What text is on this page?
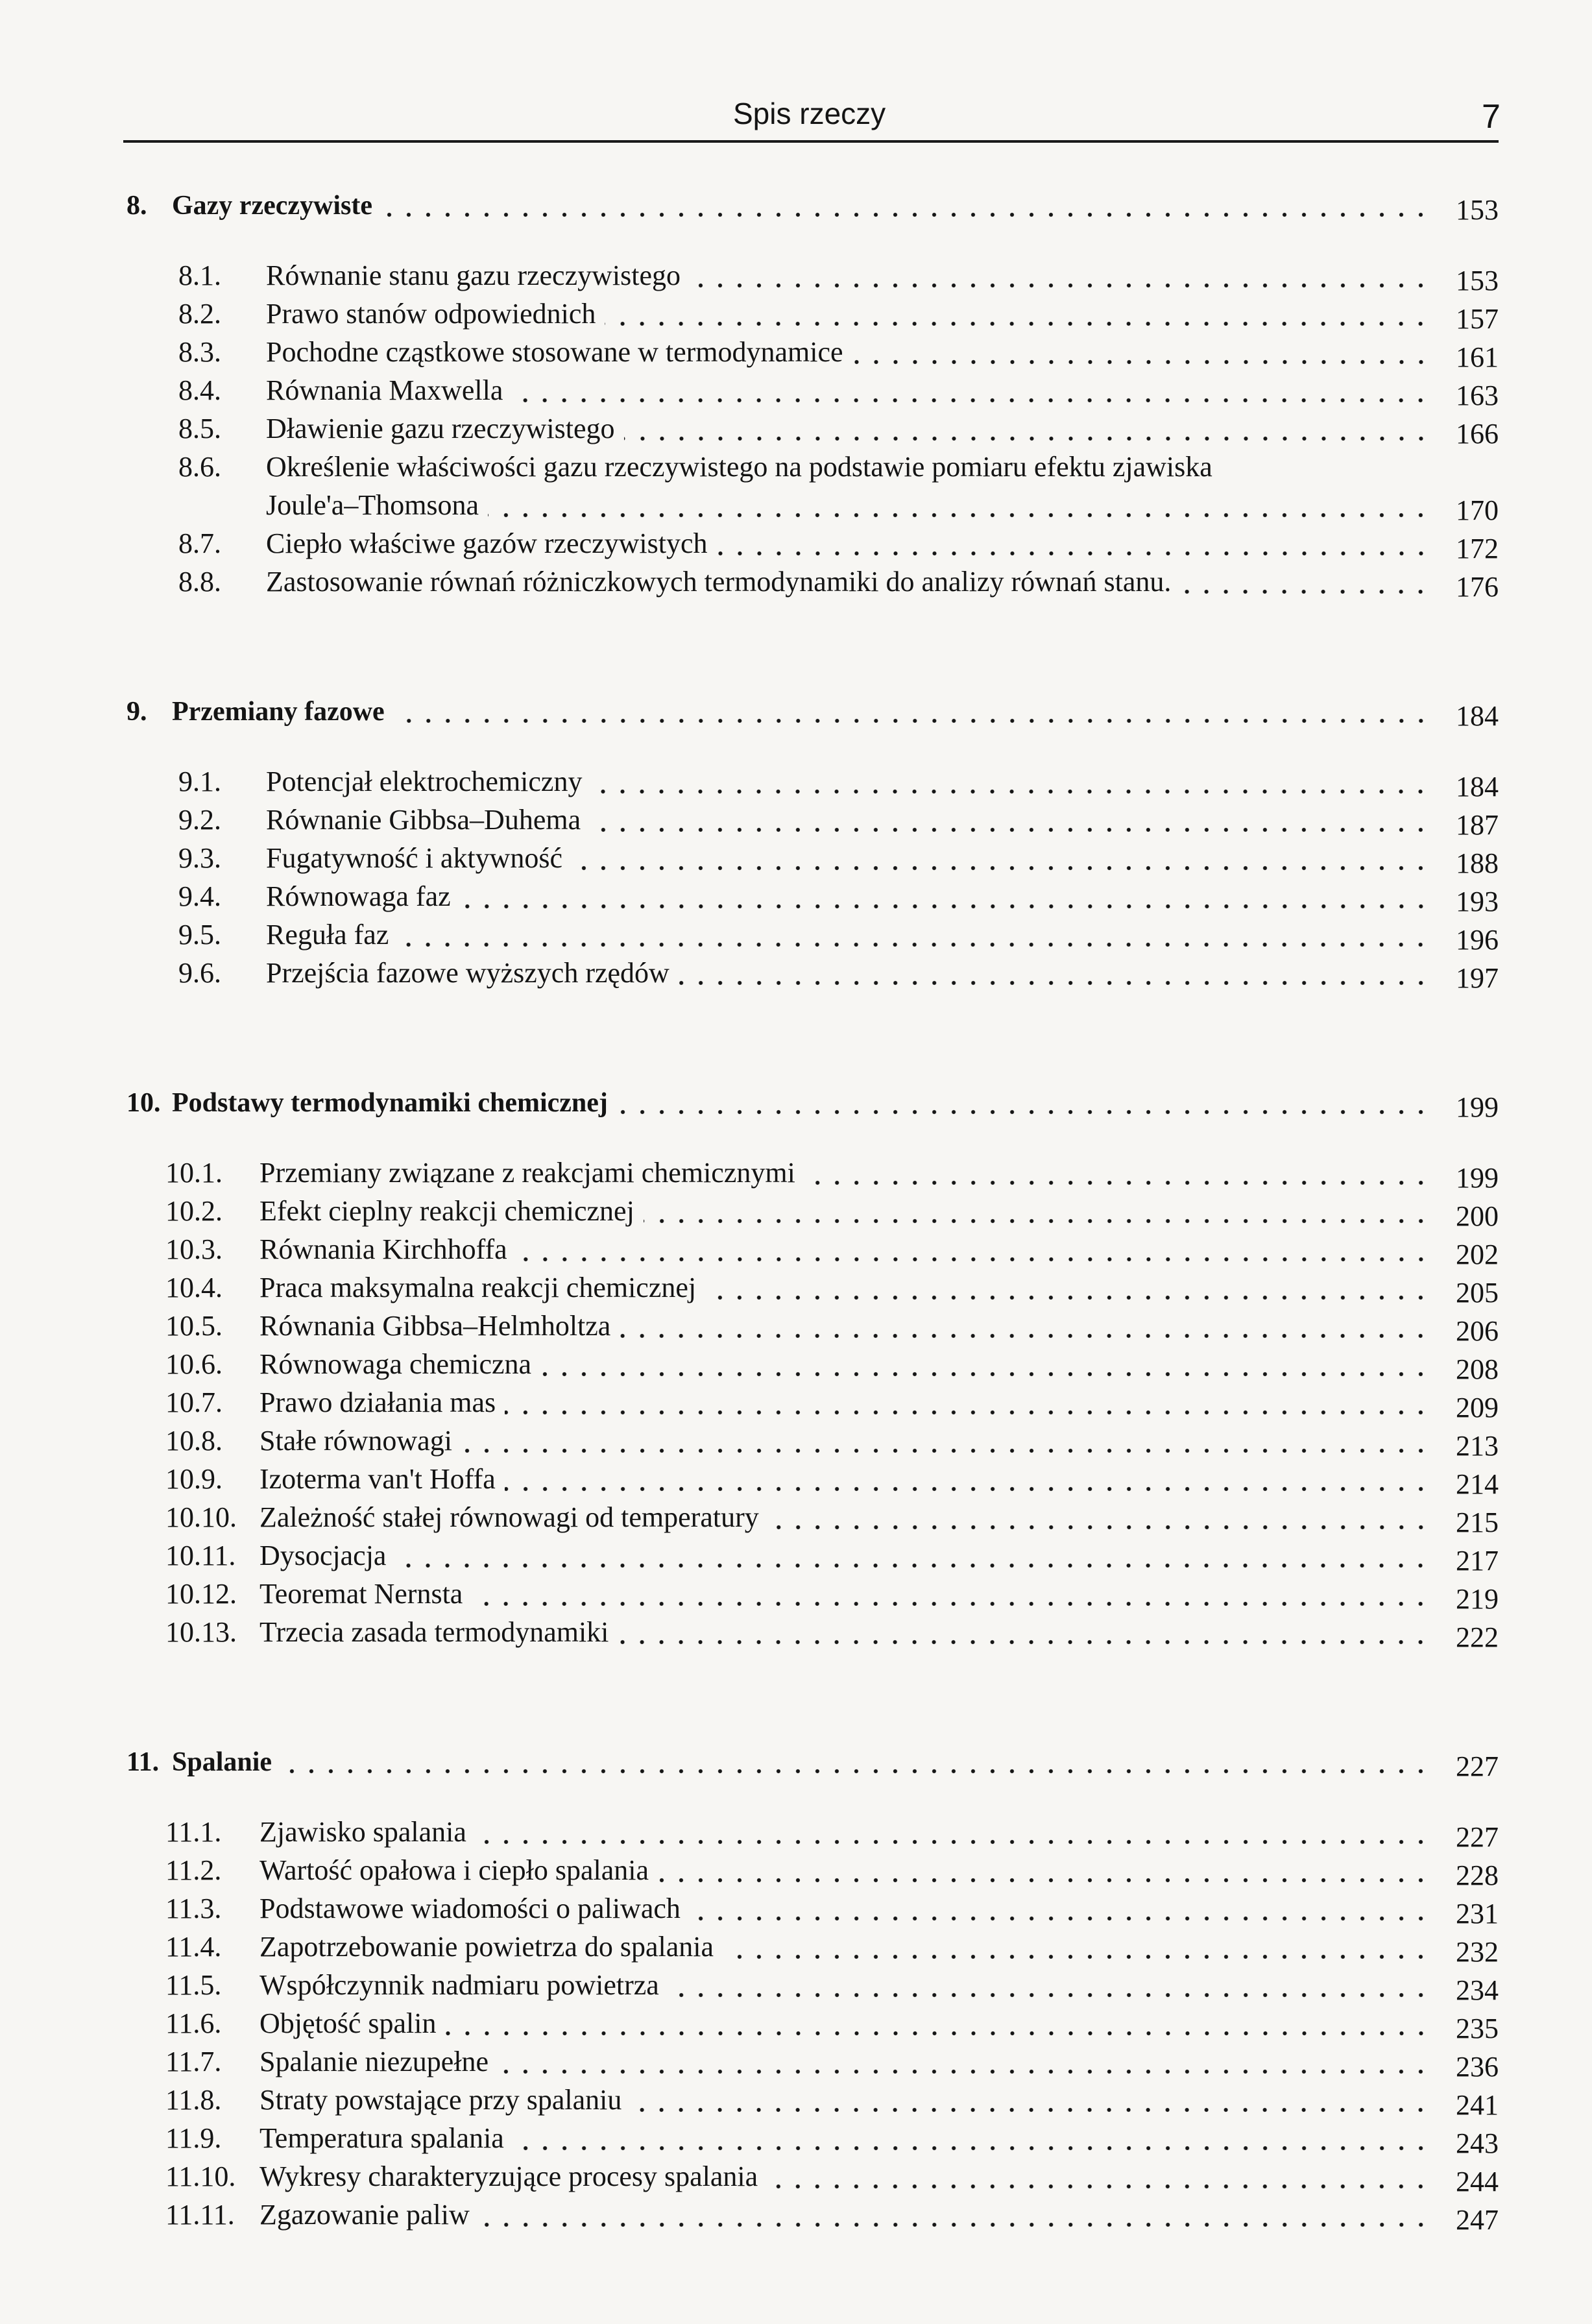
Spis rzeczy	7
8. Gazy rzeczywiste	153
8.1. Równanie stanu gazu rzeczywistego	153
8.2. Prawo stanów odpowiednich	157
8.3. Pochodne cząstkowe stosowane w termodynamice	161
8.4. Równania Maxwella	163
8.5. Dławienie gazu rzeczywistego	166
8.6. Określenie właściwości gazu rzeczywistego na podstawie pomiaru efektu zjawiska
Joule'a–Thomsona	170
8.7. Ciepło właściwe gazów rzeczywistych	172
8.8. Zastosowanie równań różniczkowych termodynamiki do analizy równań stanu.	176
9. Przemiany fazowe	184
9.1. Potencjał elektrochemiczny	184
9.2. Równanie Gibbsa–Duhema	187
9.3. Fugatywność i aktywność	188
9.4. Równowaga faz	193
9.5. Reguła faz	196
9.6. Przejścia fazowe wyższych rzędów	197
10. Podstawy termodynamiki chemicznej	199
10.1. Przemiany związane z reakcjami chemicznymi	199
10.2. Efekt cieplny reakcji chemicznej	200
10.3. Równania Kirchhoffa	202
10.4. Praca maksymalna reakcji chemicznej	205
10.5. Równania Gibbsa–Helmholtza	206
10.6. Równowaga chemiczna	208
10.7. Prawo działania mas	209
10.8. Stałe równowagi	213
10.9. Izoterma van't Hoffa	214
10.10. Zależność stałej równowagi od temperatury	215
10.11. Dysocjacja	217
10.12. Teoremat Nernsta	219
10.13. Trzecia zasada termodynamiki	222
11. Spalanie	227
11.1. Zjawisko spalania	227
11.2. Wartość opałowa i ciepło spalania	228
11.3. Podstawowe wiadomości o paliwach	231
11.4. Zapotrzebowanie powietrza do spalania	232
11.5. Współczynnik nadmiaru powietrza	234
11.6. Objętość spalin	235
11.7. Spalanie niezupełne	236
11.8. Straty powstające przy spalaniu	241
11.9. Temperatura spalania	243
11.10. Wykresy charakteryzujące procesy spalania	244
11.11. Zgazowanie paliw	247
